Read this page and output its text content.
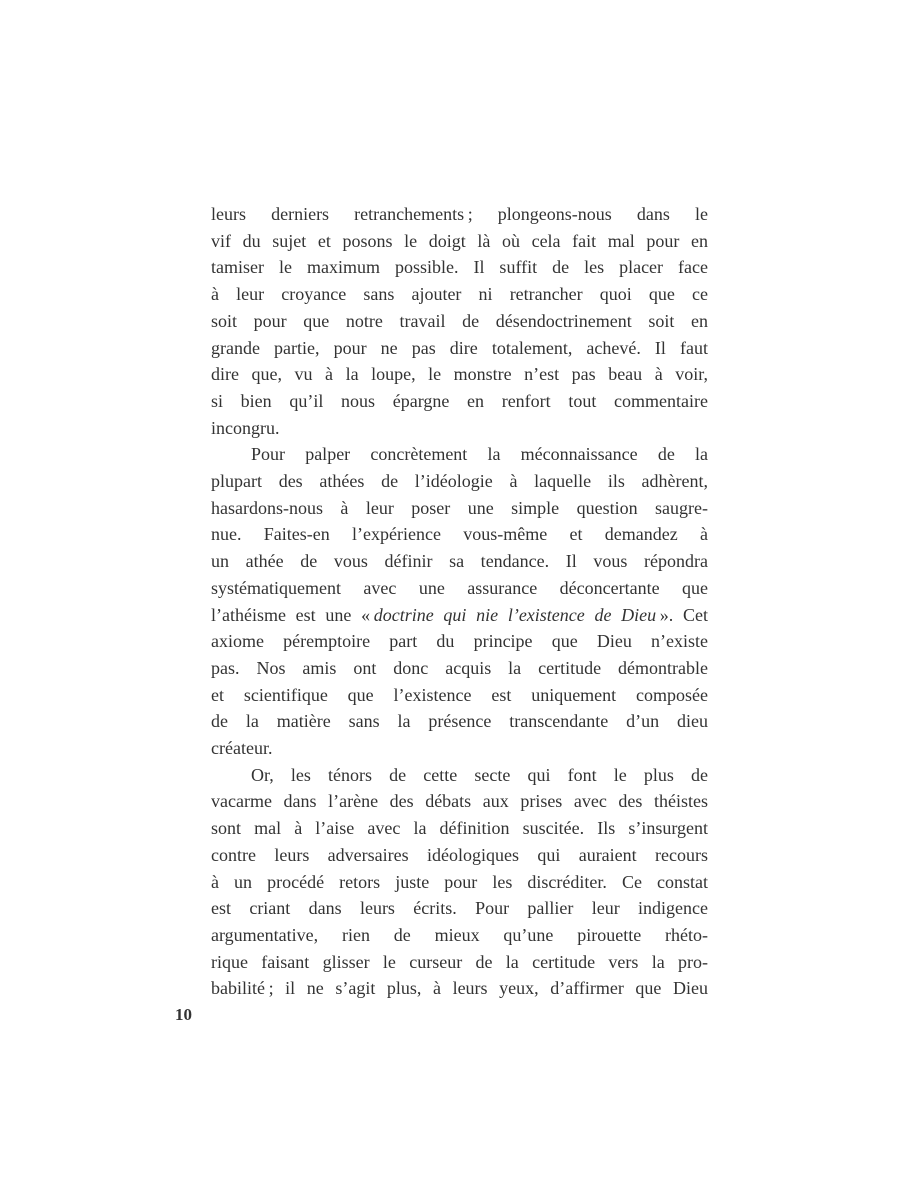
leurs derniers retranchements ; plongeons-nous dans le
vif du sujet et posons le doigt là où cela fait mal pour en
tamiser le maximum possible. Il suffit de les placer face
à leur croyance sans ajouter ni retrancher quoi que ce
soit pour que notre travail de désendoctrinement soit en
grande partie, pour ne pas dire totalement, achevé. Il faut
dire que, vu à la loupe, le monstre n’est pas beau à voir,
si bien qu’il nous épargne en renfort tout commentaire
incongru.

Pour palper concrètement la méconnaissance de la
plupart des athées de l’idéologie à laquelle ils adhèrent,
hasardons-nous à leur poser une simple question saugre-
nue. Faites-en l’expérience vous-même et demandez à
un athée de vous définir sa tendance. Il vous répondra
systématiquement avec une assurance déconcertante que
l’athéisme est une « doctrine qui nie l’existence de Dieu ». Cet
axiome péremptoire part du principe que Dieu n’existe
pas. Nos amis ont donc acquis la certitude démontrable
et scientifique que l’existence est uniquement composée
de la matière sans la présence transcendante d’un dieu
créateur.

Or, les ténors de cette secte qui font le plus de
vacarme dans l’arène des débats aux prises avec des théistes
sont mal à l’aise avec la définition suscitée. Ils s’insurgent
contre leurs adversaires idéologiques qui auraient recours
à un procédé retors juste pour les discréditer. Ce constat
est criant dans leurs écrits. Pour pallier leur indigence
argumentative, rien de mieux qu’une pirouette rhéto-
rique faisant glisser le curseur de la certitude vers la pro-
babilité ; il ne s’agit plus, à leurs yeux, d’affirmer que Dieu

10
